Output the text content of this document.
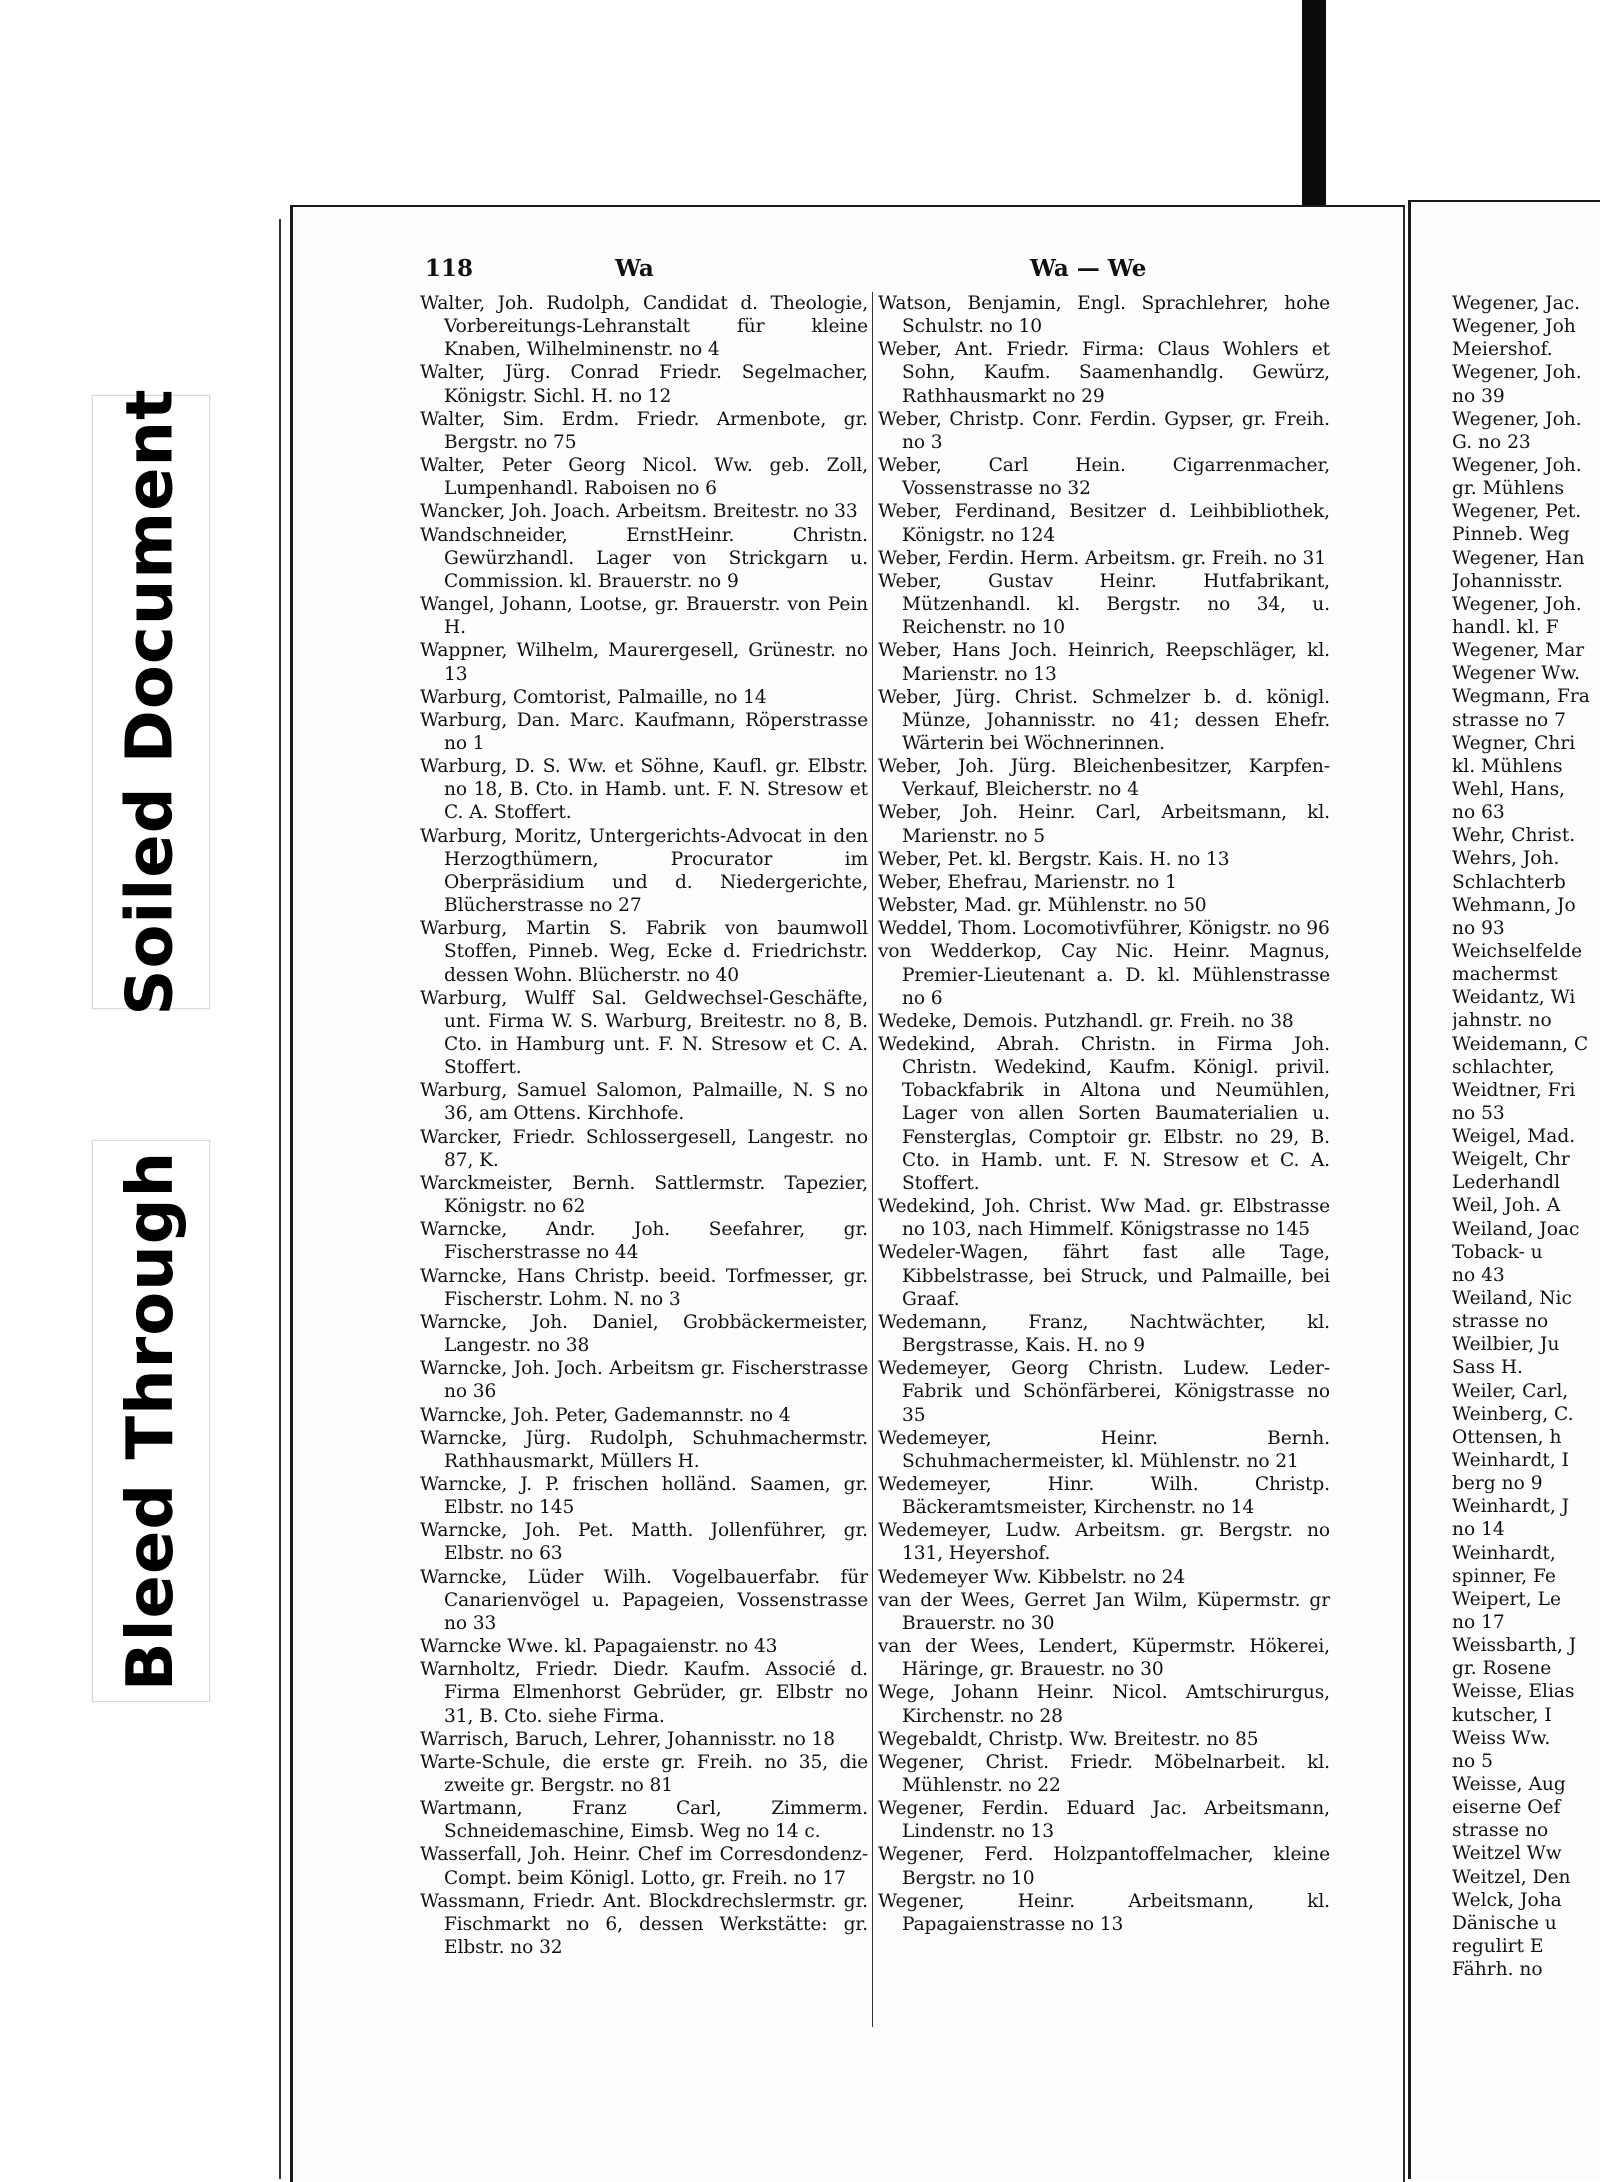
Soiled Document
Bleed Through
118	Wa	Wa — We

Walter, Joh. Rudolph, Candidat d. Theologie, Vorbereitungs-Lehranstalt für kleine Knaben, Wilhelminenstr. no 4

Walter, Jürg. Conrad Friedr. Segelmacher, Königstr. Sichl. H. no 12

Walter, Sim. Erdm. Friedr. Armenbote, gr. Bergstr. no 75

Walter, Peter Georg Nicol. Ww. geb. Zoll, Lumpenhandl. Raboisen no 6

Wancker, Joh. Joach. Arbeitsm. Breitestr. no 33

Wandschneider, ErnstHeinr. Christn. Gewürzhandl. Lager von Strickgarn u. Commission. kl. Brauerstr. no 9

Wangel, Johann, Lootse, gr. Brauerstr. von Pein H.

Wappner, Wilhelm, Maurergesell, Grünestr. no 13

Warburg, Comtorist, Palmaille, no 14

Warburg, Dan. Marc. Kaufmann, Röperstrasse no 1

Warburg, D. S. Ww. et Söhne, Kaufl. gr. Elbstr. no 18, B. Cto. in Hamb. unt. F. N. Stresow et C. A. Stoffert.

Warburg, Moritz, Untergerichts-Advocat in den Herzogthümern, Procurator im Oberpräsidium und d. Niedergerichte, Blücherstrasse no 27

Warburg, Martin S. Fabrik von baumwoll Stoffen, Pinneb. Weg, Ecke d. Friedrichstr. dessen Wohn. Blücherstr. no 40

Warburg, Wulff Sal. Geldwechsel-Geschäfte, unt. Firma W. S. Warburg, Breitestr. no 8, B. Cto. in Hamburg unt. F. N. Stresow et C. A. Stoffert.

Warburg, Samuel Salomon, Palmaille, N. S no 36, am Ottens. Kirchhofe.

Warcker, Friedr. Schlossergesell, Langestr. no 87, K.

Warckmeister, Bernh. Sattlermstr. Tapezier, Königstr. no 62

Warncke, Andr. Joh. Seefahrer, gr. Fischerstrasse no 44

Warncke, Hans Christp. beeid. Torfmesser, gr. Fischerstr. Lohm. N. no 3

Warncke, Joh. Daniel, Grobbäckermeister, Langestr. no 38

Warncke, Joh. Joch. Arbeitsm gr. Fischerstrasse no 36

Warncke, Joh. Peter, Gademannstr. no 4

Warncke, Jürg. Rudolph, Schuhmachermstr. Rathhausmarkt, Müllers H.

Warncke, J. P. frischen holländ. Saamen, gr. Elbstr. no 145

Warncke, Joh. Pet. Matth. Jollenführer, gr. Elbstr. no 63

Warncke, Lüder Wilh. Vogelbauerfabr. für Canarienvögel u. Papageien, Vossenstrasse no 33

Warncke Wwe. kl. Papagaienstr. no 43

Warnholtz, Friedr. Diedr. Kaufm. Associé d. Firma Elmenhorst Gebrüder, gr. Elbstr no 31, B. Cto. siehe Firma.

Warrisch, Baruch, Lehrer, Johannisstr. no 18

Warte-Schule, die erste gr. Freih. no 35, die zweite gr. Bergstr. no 81

Wartmann, Franz Carl, Zimmerm. Schneidemaschine, Eimsb. Weg no 14 c.

Wasserfall, Joh. Heinr. Chef im Corresdondenz-Compt. beim Königl. Lotto, gr. Freih. no 17

Wassmann, Friedr. Ant. Blockdrechslermstr. gr. Fischmarkt no 6, dessen Werkstätte: gr. Elbstr. no 32

Watson, Benjamin, Engl. Sprachlehrer, hohe Schulstr. no 10

Weber, Ant. Friedr. Firma: Claus Wohlers et Sohn, Kaufm. Saamenhandlg. Gewürz, Rathhausmarkt no 29

Weber, Christp. Conr. Ferdin. Gypser, gr. Freih. no 3

Weber, Carl Hein. Cigarrenmacher, Vossenstrasse no 32

Weber, Ferdinand, Besitzer d. Leihbibliothek, Königstr. no 124

Weber, Ferdin. Herm. Arbeitsm. gr. Freih. no 31

Weber, Gustav Heinr. Hutfabrikant, Mützenhandl. kl. Bergstr. no 34, u. Reichenstr. no 10

Weber, Hans Joch. Heinrich, Reepschläger, kl. Marienstr. no 13

Weber, Jürg. Christ. Schmelzer b. d. königl. Münze, Johannisstr. no 41; dessen Ehefr. Wärterin bei Wöchnerinnen.

Weber, Joh. Jürg. Bleichenbesitzer, Karpfen-Verkauf, Bleicherstr. no 4

Weber, Joh. Heinr. Carl, Arbeitsmann, kl. Marienstr. no 5

Weber, Pet. kl. Bergstr. Kais. H. no 13

Weber, Ehefrau, Marienstr. no 1

Webster, Mad. gr. Mühlenstr. no 50

Weddel, Thom. Locomotivführer, Königstr. no 96

von Wedderkop, Cay Nic. Heinr. Magnus, Premier-Lieutenant a. D. kl. Mühlenstrasse no 6

Wedeke, Demois. Putzhandl. gr. Freih. no 38

Wedekind, Abrah. Christn. in Firma Joh. Christn. Wedekind, Kaufm. Königl. privil. Tobackfabrik in Altona und Neumühlen, Lager von allen Sorten Baumaterialien u. Fensterglas, Comptoir gr. Elbstr. no 29, B. Cto. in Hamb. unt. F. N. Stresow et C. A. Stoffert.

Wedekind, Joh. Christ. Ww Mad. gr. Elbstrasse no 103, nach Himmelf. Königstrasse no 145

Wedeler-Wagen, fährt fast alle Tage, Kibbelstrasse, bei Struck, und Palmaille, bei Graaf.

Wedemann, Franz, Nachtwächter, kl. Bergstrasse, Kais. H. no 9

Wedemeyer, Georg Christn. Ludew. Leder-Fabrik und Schönfärberei, Königstrasse no 35

Wedemeyer, Heinr. Bernh. Schuhmachermeister, kl. Mühlenstr. no 21

Wedemeyer, Hinr. Wilh. Christp. Bäckeramtsmeister, Kirchenstr. no 14

Wedemeyer, Ludw. Arbeitsm. gr. Bergstr. no 131, Heyershof.

Wedemeyer Ww. Kibbelstr. no 24

van der Wees, Gerret Jan Wilm, Küpermstr. gr Brauerstr. no 30

van der Wees, Lendert, Küpermstr. Hökerei, Häringe, gr. Brauestr. no 30

Wege, Johann Heinr. Nicol. Amtschirurgus, Kirchenstr. no 28

Wegebaldt, Christp. Ww. Breitestr. no 85

Wegener, Christ. Friedr. Möbelnarbeit. kl. Mühlenstr. no 22

Wegener, Ferdin. Eduard Jac. Arbeitsmann, Lindenstr. no 13

Wegener, Ferd. Holzpantoffelmacher, kleine Bergstr. no 10

Wegener, Heinr. Arbeitsmann, kl. Papagaienstrasse no 13

Wegener, Jac.

Wegener, Joh

Meiershof.

Wegener, Joh.

no 39

Wegener, Joh.

G. no 23

Wegener, Joh.

gr. Mühlens

Wegener, Pet.

Pinneb. Weg

Wegener, Han

Johannisstr.

Wegener, Joh.

handl. kl. F

Wegener, Mar

Wegener Ww.

Wegmann, Fra

strasse no 7

Wegner, Chri

kl. Mühlens

Wehl, Hans,

no 63

Wehr, Christ.

Wehrs, Joh.

Schlachterb

Wehmann, Jo

no 93

Weichselfelde

machermst

Weidantz, Wi

jahnstr. no

Weidemann, C

schlachter,

Weidtner, Fri

no 53

Weigel, Mad.

Weigelt, Chr

Lederhandl

Weil, Joh. A

Weiland, Joac

Toback- u

no 43

Weiland, Nic

strasse no

Weilbier, Ju

Sass H.

Weiler, Carl,

Weinberg, C.

Ottensen, h

Weinhardt, I

berg no 9

Weinhardt, J

no 14

Weinhardt,

spinner, Fe

Weipert, Le

no 17

Weissbarth, J

gr. Rosene

Weisse, Elias

kutscher, I

Weiss Ww.

no 5

Weisse, Aug

eiserne Oef

strasse no

Weitzel Ww

Weitzel, Den

Welck, Joha

Dänische u

regulirt E

Fährh. no
